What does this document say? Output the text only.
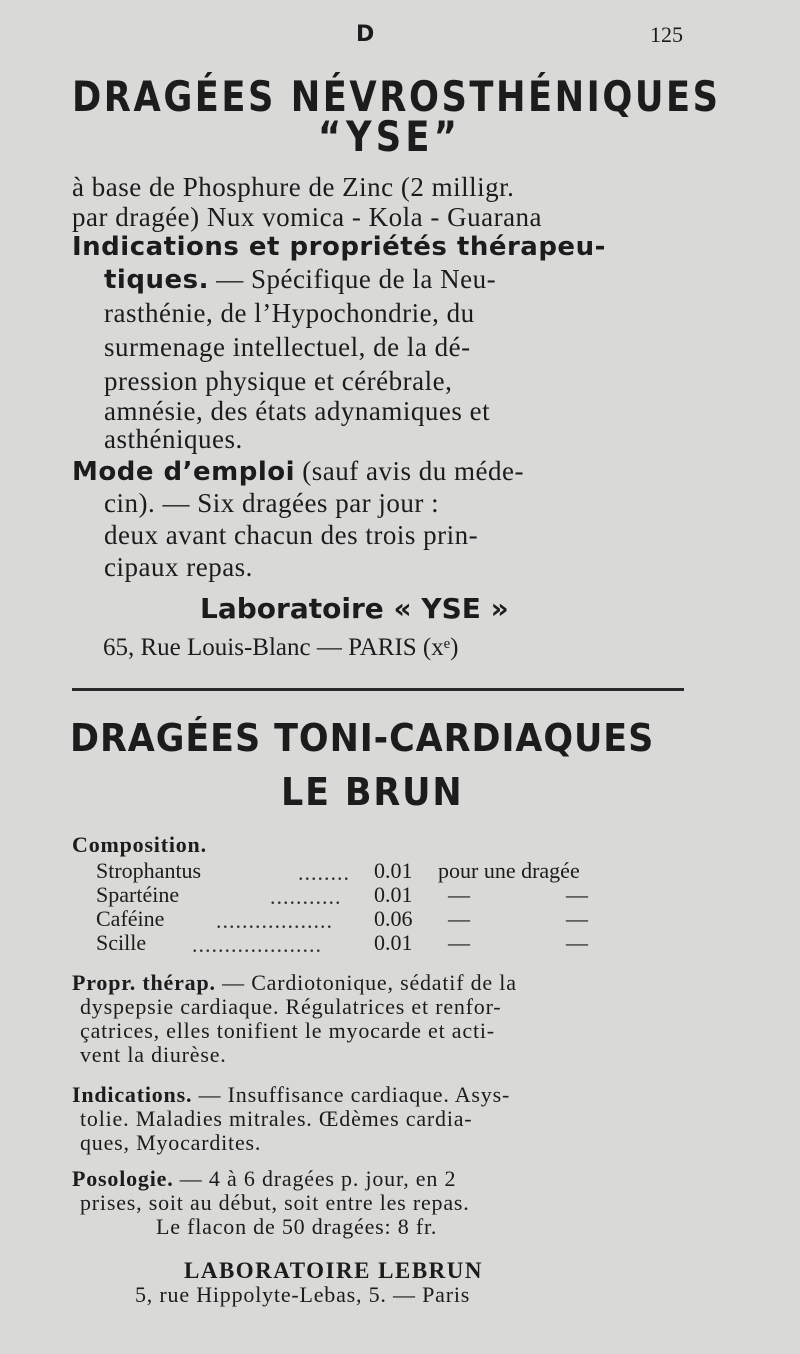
D	125
DRAGÉES NÉVROSTHÉNIQUES
“YSE”
à base de Phosphure de Zinc (2 milligr.
par dragée) Nux vomica - Kola - Guarana
Indications et propriétés thérapeu-
tiques. — Spécifique de la Neu-
rasthénie, de l’Hypochondrie, du
surmenage intellectuel, de la dé-
pression physique et cérébrale,
amnésie, des états adynamiques et
asthéniques.
Mode d’emploi (sauf avis du méde-
cin). — Six dragées par jour :
deux avant chacun des trois prin-
cipaux repas.
Laboratoire « YSE »
65, Rue Louis-Blanc — PARIS (xᵉ)
DRAGÉES TONI-CARDIAQUES
LE BRUN
Composition.
Strophantus	........ 0.01 pour une dragée
Spartéine	........... 0.01 —	—
Caféine .................. 0.06 —	—
Scille .................... 0.01 —	—
Propr. thérap. — Cardiotonique, sédatif de la
dyspepsie cardiaque. Régulatrices et renfor-
çatrices, elles tonifient le myocarde et acti-
vent la diurèse.
Indications. — Insuffisance cardiaque. Asys-
tolie. Maladies mitrales. Œdèmes cardia-
ques, Myocardites.
Posologie. — 4 à 6 dragées p. jour, en 2
prises, soit au début, soit entre les repas.
Le flacon de 50 dragées: 8 fr.
LABORATOIRE LEBRUN
5, rue Hippolyte-Lebas, 5. — Paris
